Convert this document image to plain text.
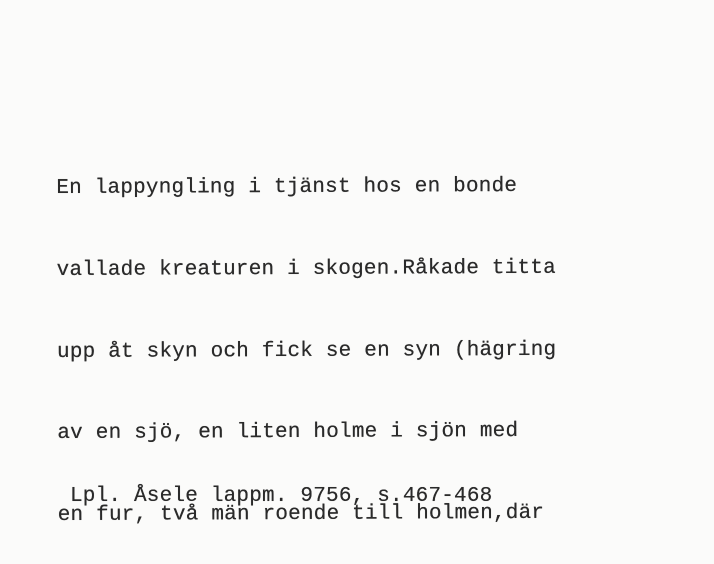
En lappyngling i tjänst hos en bonde

vallade kreaturen i skogen.Råkade titta

upp åt skyn och fick se en syn (hägring

av en sjö, en liten holme i sjön med

en fur, två män roende till holmen,där

Lpl. Åsele lappm. 9756, s.467-468
